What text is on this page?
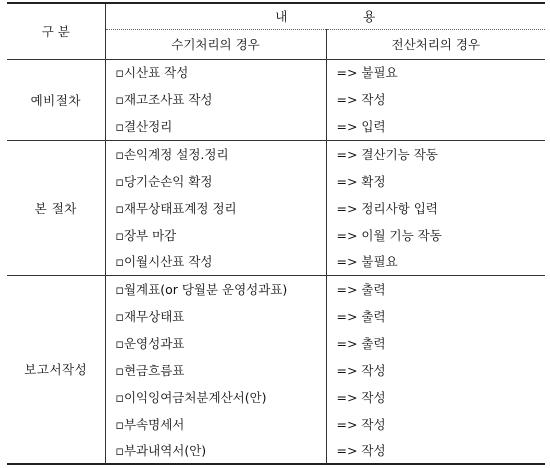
구 분	내 용	
	수기처리의 경우	전산처리의 경우
예비절차	▫시산표 작성	=> 불필요
	▫재고조사표 작성	=> 작성
	▫결산정리	=> 입력
본 절차	▫손익계정 설정.정리	=> 결산기능 작동
	▫당기순손익 확정	=> 확정
	▫재무상태표계정 정리	=> 정리사항 입력
	▫장부 마감	=> 이월 기능 작동
	▫이월시산표 작성	=> 불필요
보고서작성	▫월계표(or 당월분 운영성과표)	=> 출력
	▫재무상태표	=> 출력
	▫운영성과표	=> 출력
	▫현금흐름표	=> 작성
	▫이익잉여금처분계산서(안)	=> 작성
	▫부속명세서	=> 작성
	▫부과내역서(안)	=> 작성
